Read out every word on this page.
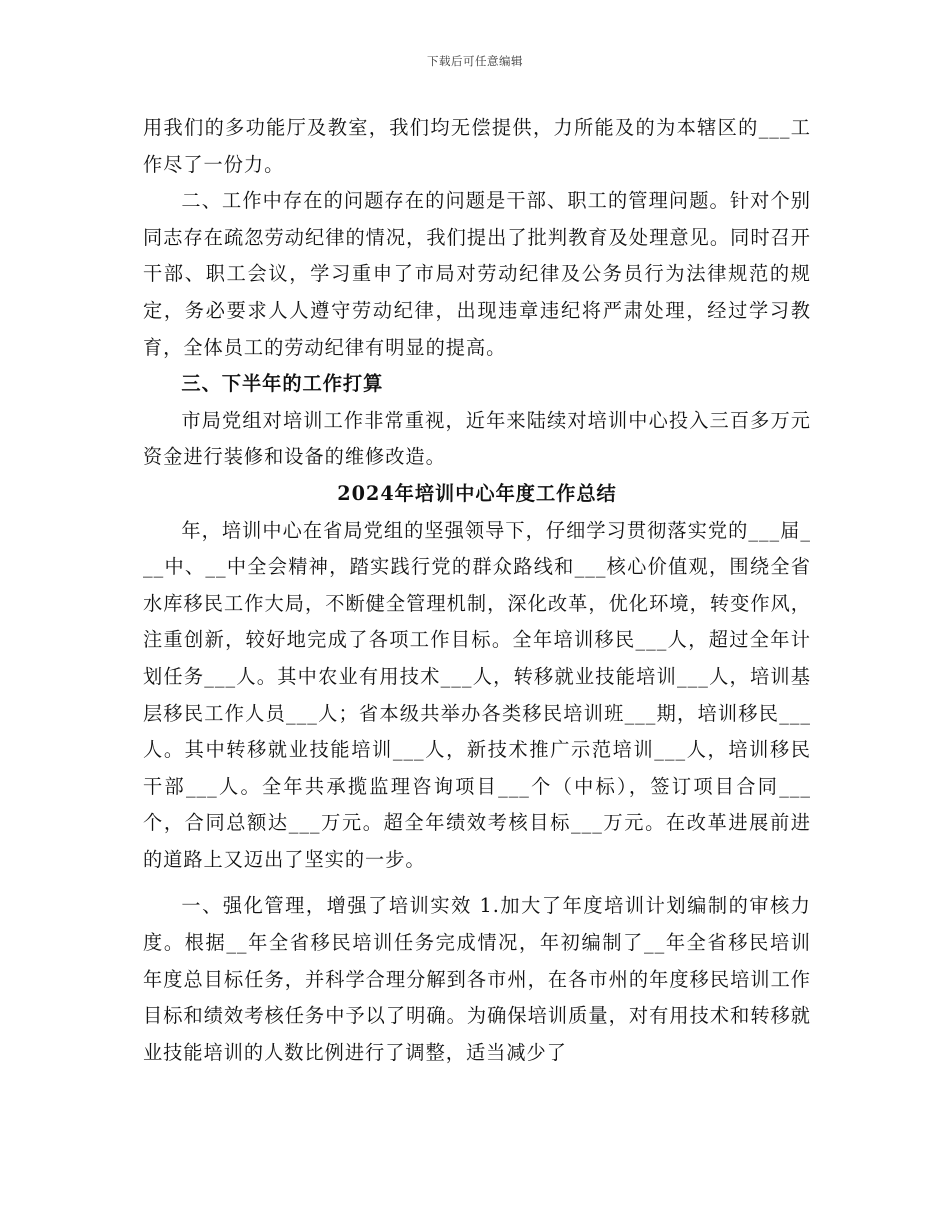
下载后可任意编辑

用我们的多功能厅及教室，我们均无偿提供，力所能及的为本辖区的___工作尽了一份力。

二、工作中存在的问题存在的问题是干部、职工的管理问题。针对个别同志存在疏忽劳动纪律的情况，我们提出了批判教育及处理意见。同时召开干部、职工会议，学习重申了市局对劳动纪律及公务员行为法律规范的规定，务必要求人人遵守劳动纪律，出现违章违纪将严肃处理，经过学习教育，全体员工的劳动纪律有明显的提高。

三、下半年的工作打算

市局党组对培训工作非常重视，近年来陆续对培训中心投入三百多万元资金进行装修和设备的维修改造。

2024年培训中心年度工作总结

年，培训中心在省局党组的坚强领导下，仔细学习贯彻落实党的___届___中、__中全会精神，踏实践行党的群众路线和___核心价值观，围绕全省水库移民工作大局，不断健全管理机制，深化改革，优化环境，转变作风，注重创新，较好地完成了各项工作目标。全年培训移民___人，超过全年计划任务___人。其中农业有用技术___人，转移就业技能培训___人，培训基层移民工作人员___人；省本级共举办各类移民培训班___期，培训移民___人。其中转移就业技能培训___人，新技术推广示范培训___人，培训移民干部___人。全年共承揽监理咨询项目___个（中标），签订项目合同___个，合同总额达___万元。超全年绩效考核目标___万元。在改革进展前进的道路上又迈出了坚实的一步。

一、强化管理，增强了培训实效 1.加大了年度培训计划编制的审核力度。根据__年全省移民培训任务完成情况，年初编制了__年全省移民培训年度总目标任务，并科学合理分解到各市州，在各市州的年度移民培训工作目标和绩效考核任务中予以了明确。为确保培训质量，对有用技术和转移就业技能培训的人数比例进行了调整，适当减少了
